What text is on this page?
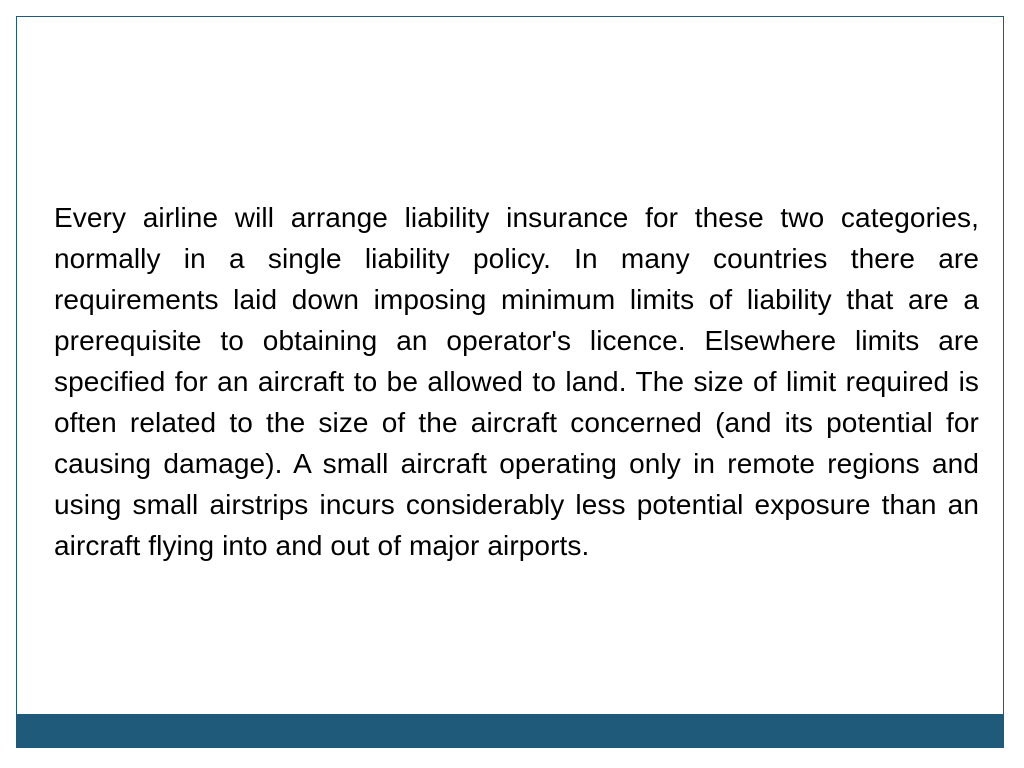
Every airline will arrange liability insurance for these two categories, normally in a single liability policy. In many countries there are requirements laid down imposing minimum limits of liability that are a prerequisite to obtaining an operator's licence. Elsewhere limits are specified for an aircraft to be allowed to land. The size of limit required is often related to the size of the aircraft concerned (and its potential for causing damage). A small aircraft operating only in remote regions and using small airstrips incurs considerably less potential exposure than an aircraft flying into and out of major airports.
